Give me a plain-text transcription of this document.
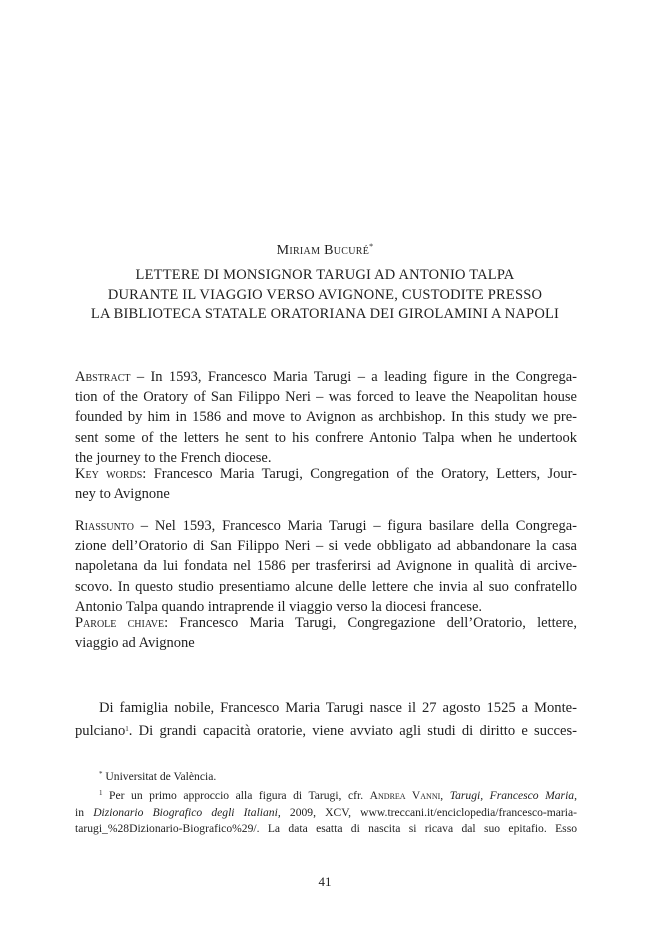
Miriam Bucuré*
LETTERE DI MONSIGNOR TARUGI AD ANTONIO TALPA
DURANTE IL VIAGGIO VERSO AVIGNONE, CUSTODITE PRESSO
LA BIBLIOTECA STATALE ORATORIANA DEI GIROLAMINI A NAPOLI
Abstract – In 1593, Francesco Maria Tarugi – a leading figure in the Congrega-
tion of the Oratory of San Filippo Neri – was forced to leave the Neapolitan house
founded by him in 1586 and move to Avignon as archbishop. In this study we pre-
sent some of the letters he sent to his confrere Antonio Talpa when he undertook
the journey to the French diocese.
Key words: Francesco Maria Tarugi, Congregation of the Oratory, Letters, Jour-
ney to Avignone
Riassunto – Nel 1593, Francesco Maria Tarugi – figura basilare della Congrega-
zione dell’Oratorio di San Filippo Neri – si vede obbligato ad abbandonare la casa
napoletana da lui fondata nel 1586 per trasferirsi ad Avignone in qualità di arcive-
scovo. In questo studio presentiamo alcune delle lettere che invia al suo confratello
Antonio Talpa quando intraprende il viaggio verso la diocesi francese.
Parole chiave: Francesco Maria Tarugi, Congregazione dell’Oratorio, lettere,
viaggio ad Avignone
Di famiglia nobile, Francesco Maria Tarugi nasce il 27 agosto 1525 a Monte-
pulciano$^1$. Di grandi capacità oratorie, viene avviato agli studi di diritto e succes-
* Universitat de València.
$^1$ Per un primo approccio alla figura di Tarugi, cfr. Andrea Vanni, Tarugi, Francesco Maria,
in Dizionario Biografico degli Italiani, 2009, XCV, www.treccani.it/enciclopedia/francesco-maria-
tarugi_%28Dizionario-Biografico%29/. La data esatta di nascita si ricava dal suo epitafio. Esso
41
